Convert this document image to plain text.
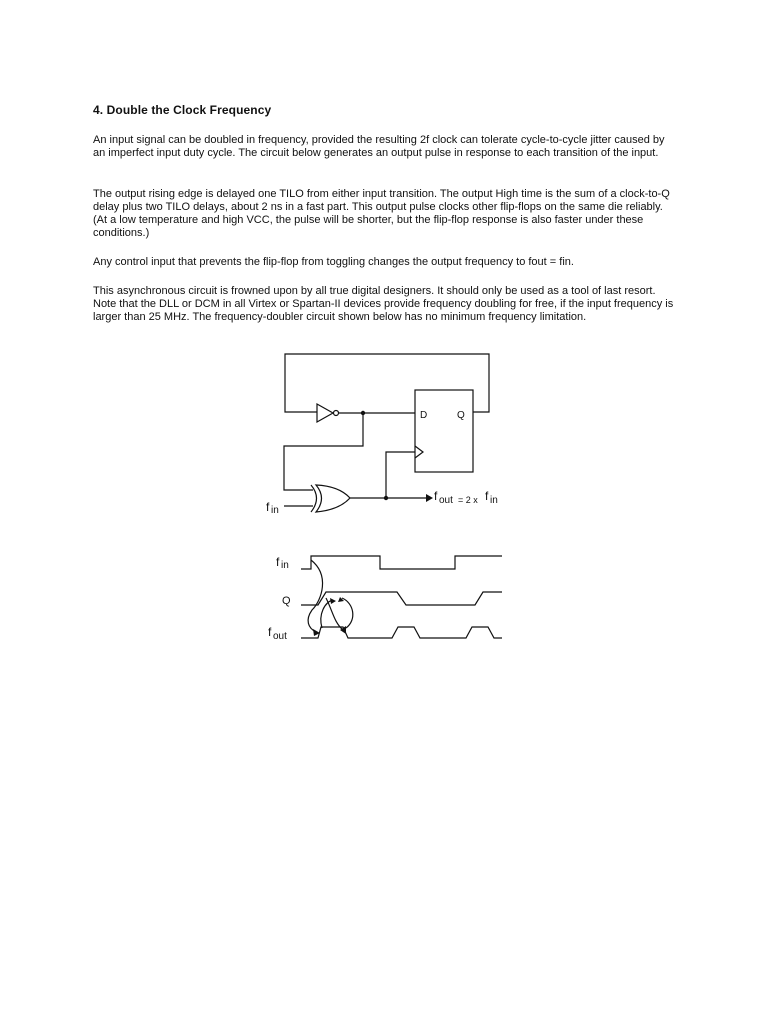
4. Double the Clock Frequency

An input signal can be doubled in frequency, provided the resulting 2f clock can tolerate cycle-to-cycle jitter caused by an imperfect input duty cycle. The circuit below generates an output pulse in response to each transition of the input.

The output rising edge is delayed one TILO from either input transition. The output High time is the sum of a clock-to-Q delay plus two TILO delays, about 2 ns in a fast part. This output pulse clocks other flip-flops on the same die reliably. (At a low temperature and high VCC, the pulse will be shorter, but the flip-flop response is also faster under these conditions.)

Any control input that prevents the flip-flop from toggling changes the output frequency to fout = fin.

This asynchronous circuit is frowned upon by all true digital designers. It should only be used as a tool of last resort. Note that the DLL or DCM in all Virtex or Spartan-II devices provide frequency doubling for free, if the input frequency is larger than 25 MHz. The frequency-doubler circuit shown below has no minimum frequency limitation.

D	Q
f in
f out = 2 x f in
f in
Q
f out
